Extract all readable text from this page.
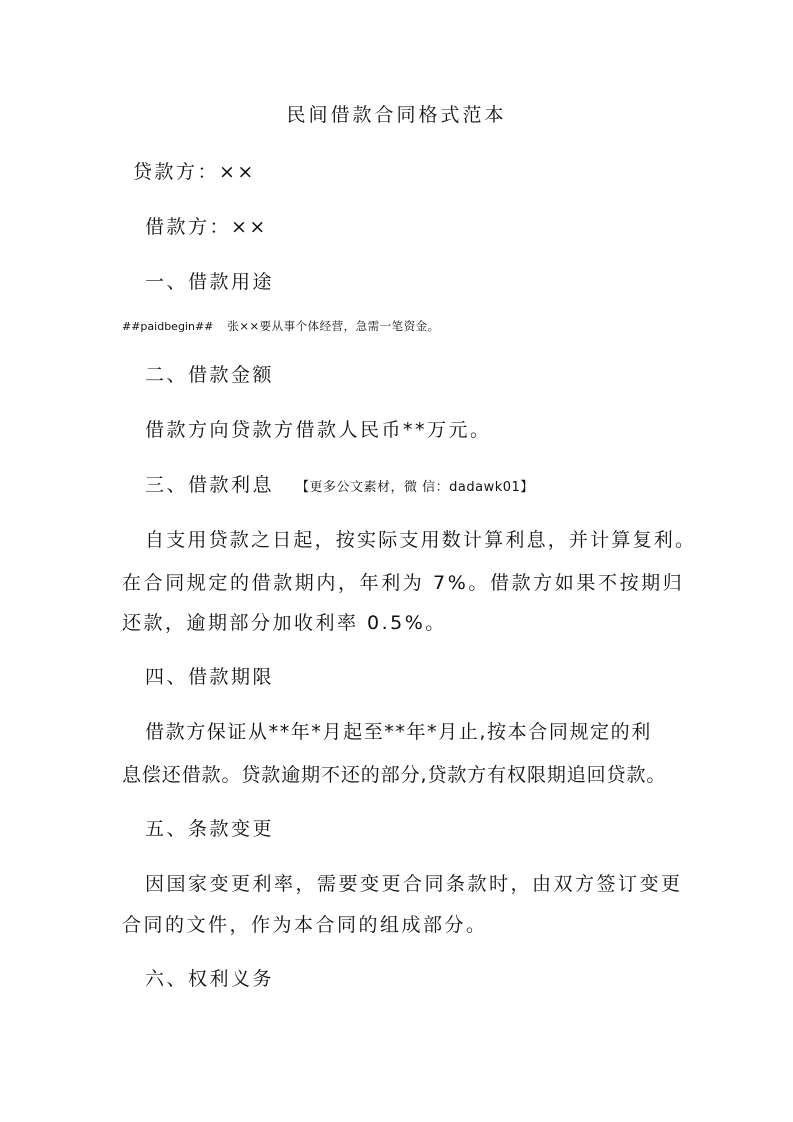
民间借款合同格式范本
贷款方：××
借款方：××
一、借款用途
##paidbegin## 张××要从事个体经营，急需一笔资金。
二、借款金额
借款方向贷款方借款人民币**万元。
三、借款利息 【更多公文素材，微 信：dadawk01】
自支用贷款之日起，按实际支用数计算利息，并计算复利。
在合同规定的借款期内，年利为 7%。借款方如果不按期归
还款，逾期部分加收利率 0.5%。
四、借款期限
借款方保证从**年*月起至**年*月止,按本合同规定的利
息偿还借款。贷款逾期不还的部分,贷款方有权限期追回贷款。
五、条款变更
因国家变更利率，需要变更合同条款时，由双方签订变更
合同的文件，作为本合同的组成部分。
六、权利义务
